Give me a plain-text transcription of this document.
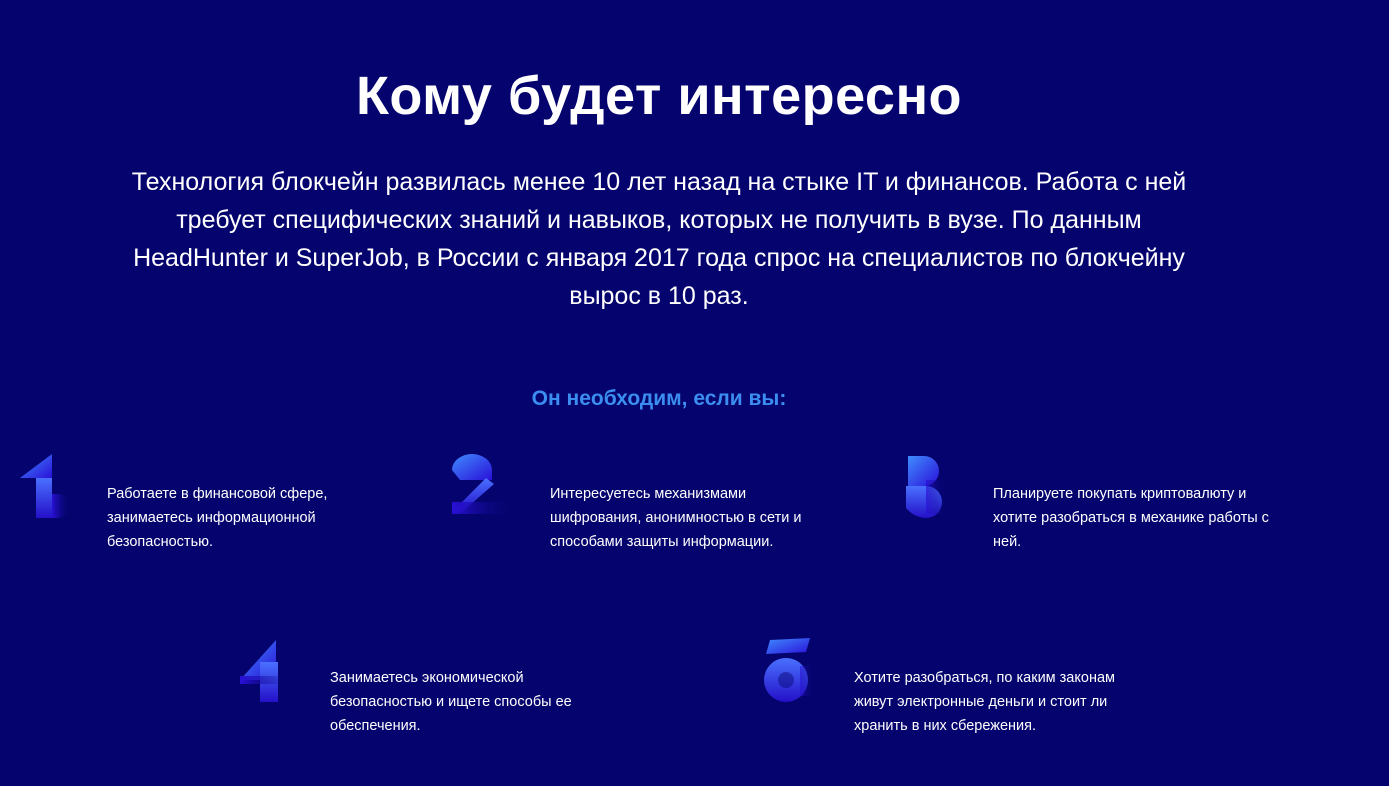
Кому будет интересно

Технология блокчейн развилась менее 10 лет назад на стыке IT и финансов. Работа с ней требует специфических знаний и навыков, которых не получить в вузе. По данным HeadHunter и SuperJob, в России с января 2017 года спрос на специалистов по блокчейну вырос в 10 раз.

Он необходим, если вы:
Работаете в финансовой сфере, занимаетесь информационной безопасностью.
Интересуетесь механизмами шифрования, анонимностью в сети и способами защиты информации.
Планируете покупать криптовалюту и хотите разобраться в механике работы с ней.
Занимаетесь экономической безопасностью и ищете способы ее обеспечения.
Хотите разобраться, по каким законам живут электронные деньги и стоит ли хранить в них сбережения.
